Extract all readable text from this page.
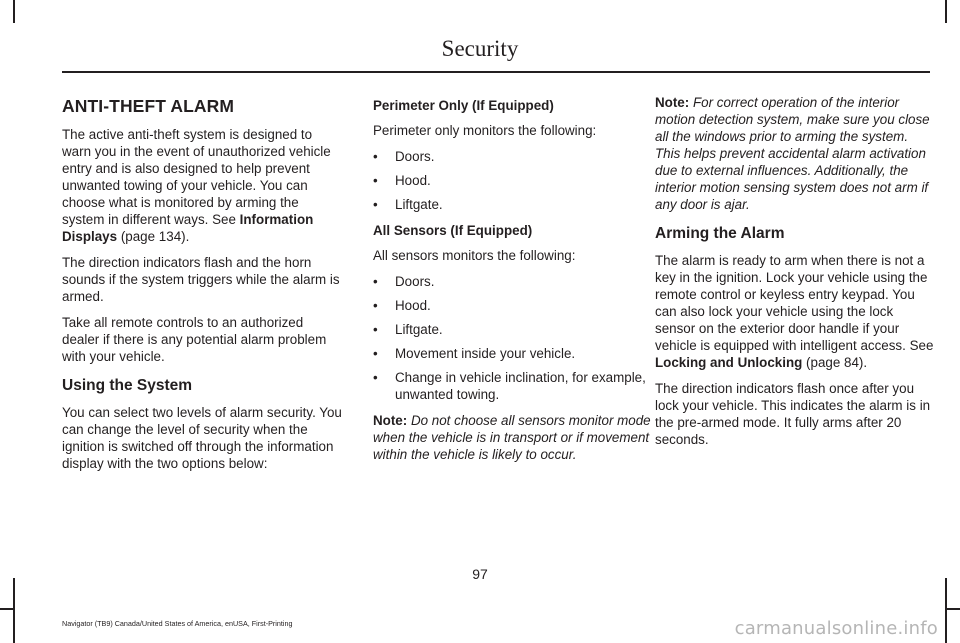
Security
ANTI-THEFT ALARM

The active anti-theft system is designed to warn you in the event of unauthorized vehicle entry and is also designed to help prevent unwanted towing of your vehicle. You can choose what is monitored by arming the system in different ways. See Information Displays (page 134).

The direction indicators flash and the horn sounds if the system triggers while the alarm is armed.

Take all remote controls to an authorized dealer if there is any potential alarm problem with your vehicle.

Using the System

You can select two levels of alarm security. You can change the level of security when the ignition is switched off through the information display with the two options below:

Perimeter Only (If Equipped)

Perimeter only monitors the following:

• Doors.
• Hood.
• Liftgate.
All Sensors (If Equipped)

All sensors monitors the following:

• Doors.
• Hood.
• Liftgate.
• Movement inside your vehicle.
• Change in vehicle inclination, for example, unwanted towing.

Note: Do not choose all sensors monitor mode when the vehicle is in transport or if movement within the vehicle is likely to occur.

Note: For correct operation of the interior motion detection system, make sure you close all the windows prior to arming the system. This helps prevent accidental alarm activation due to external influences. Additionally, the interior motion sensing system does not arm if any door is ajar.

Arming the Alarm

The alarm is ready to arm when there is not a key in the ignition. Lock your vehicle using the remote control or keyless entry keypad. You can also lock your vehicle using the lock sensor on the exterior door handle if your vehicle is equipped with intelligent access. See Locking and Unlocking (page 84).

The direction indicators flash once after you lock your vehicle. This indicates the alarm is in the pre-armed mode. It fully arms after 20 seconds.

97
Navigator (TB9) Canada/United States of America, enUSA, First-Printing	carmanualsonline.info
